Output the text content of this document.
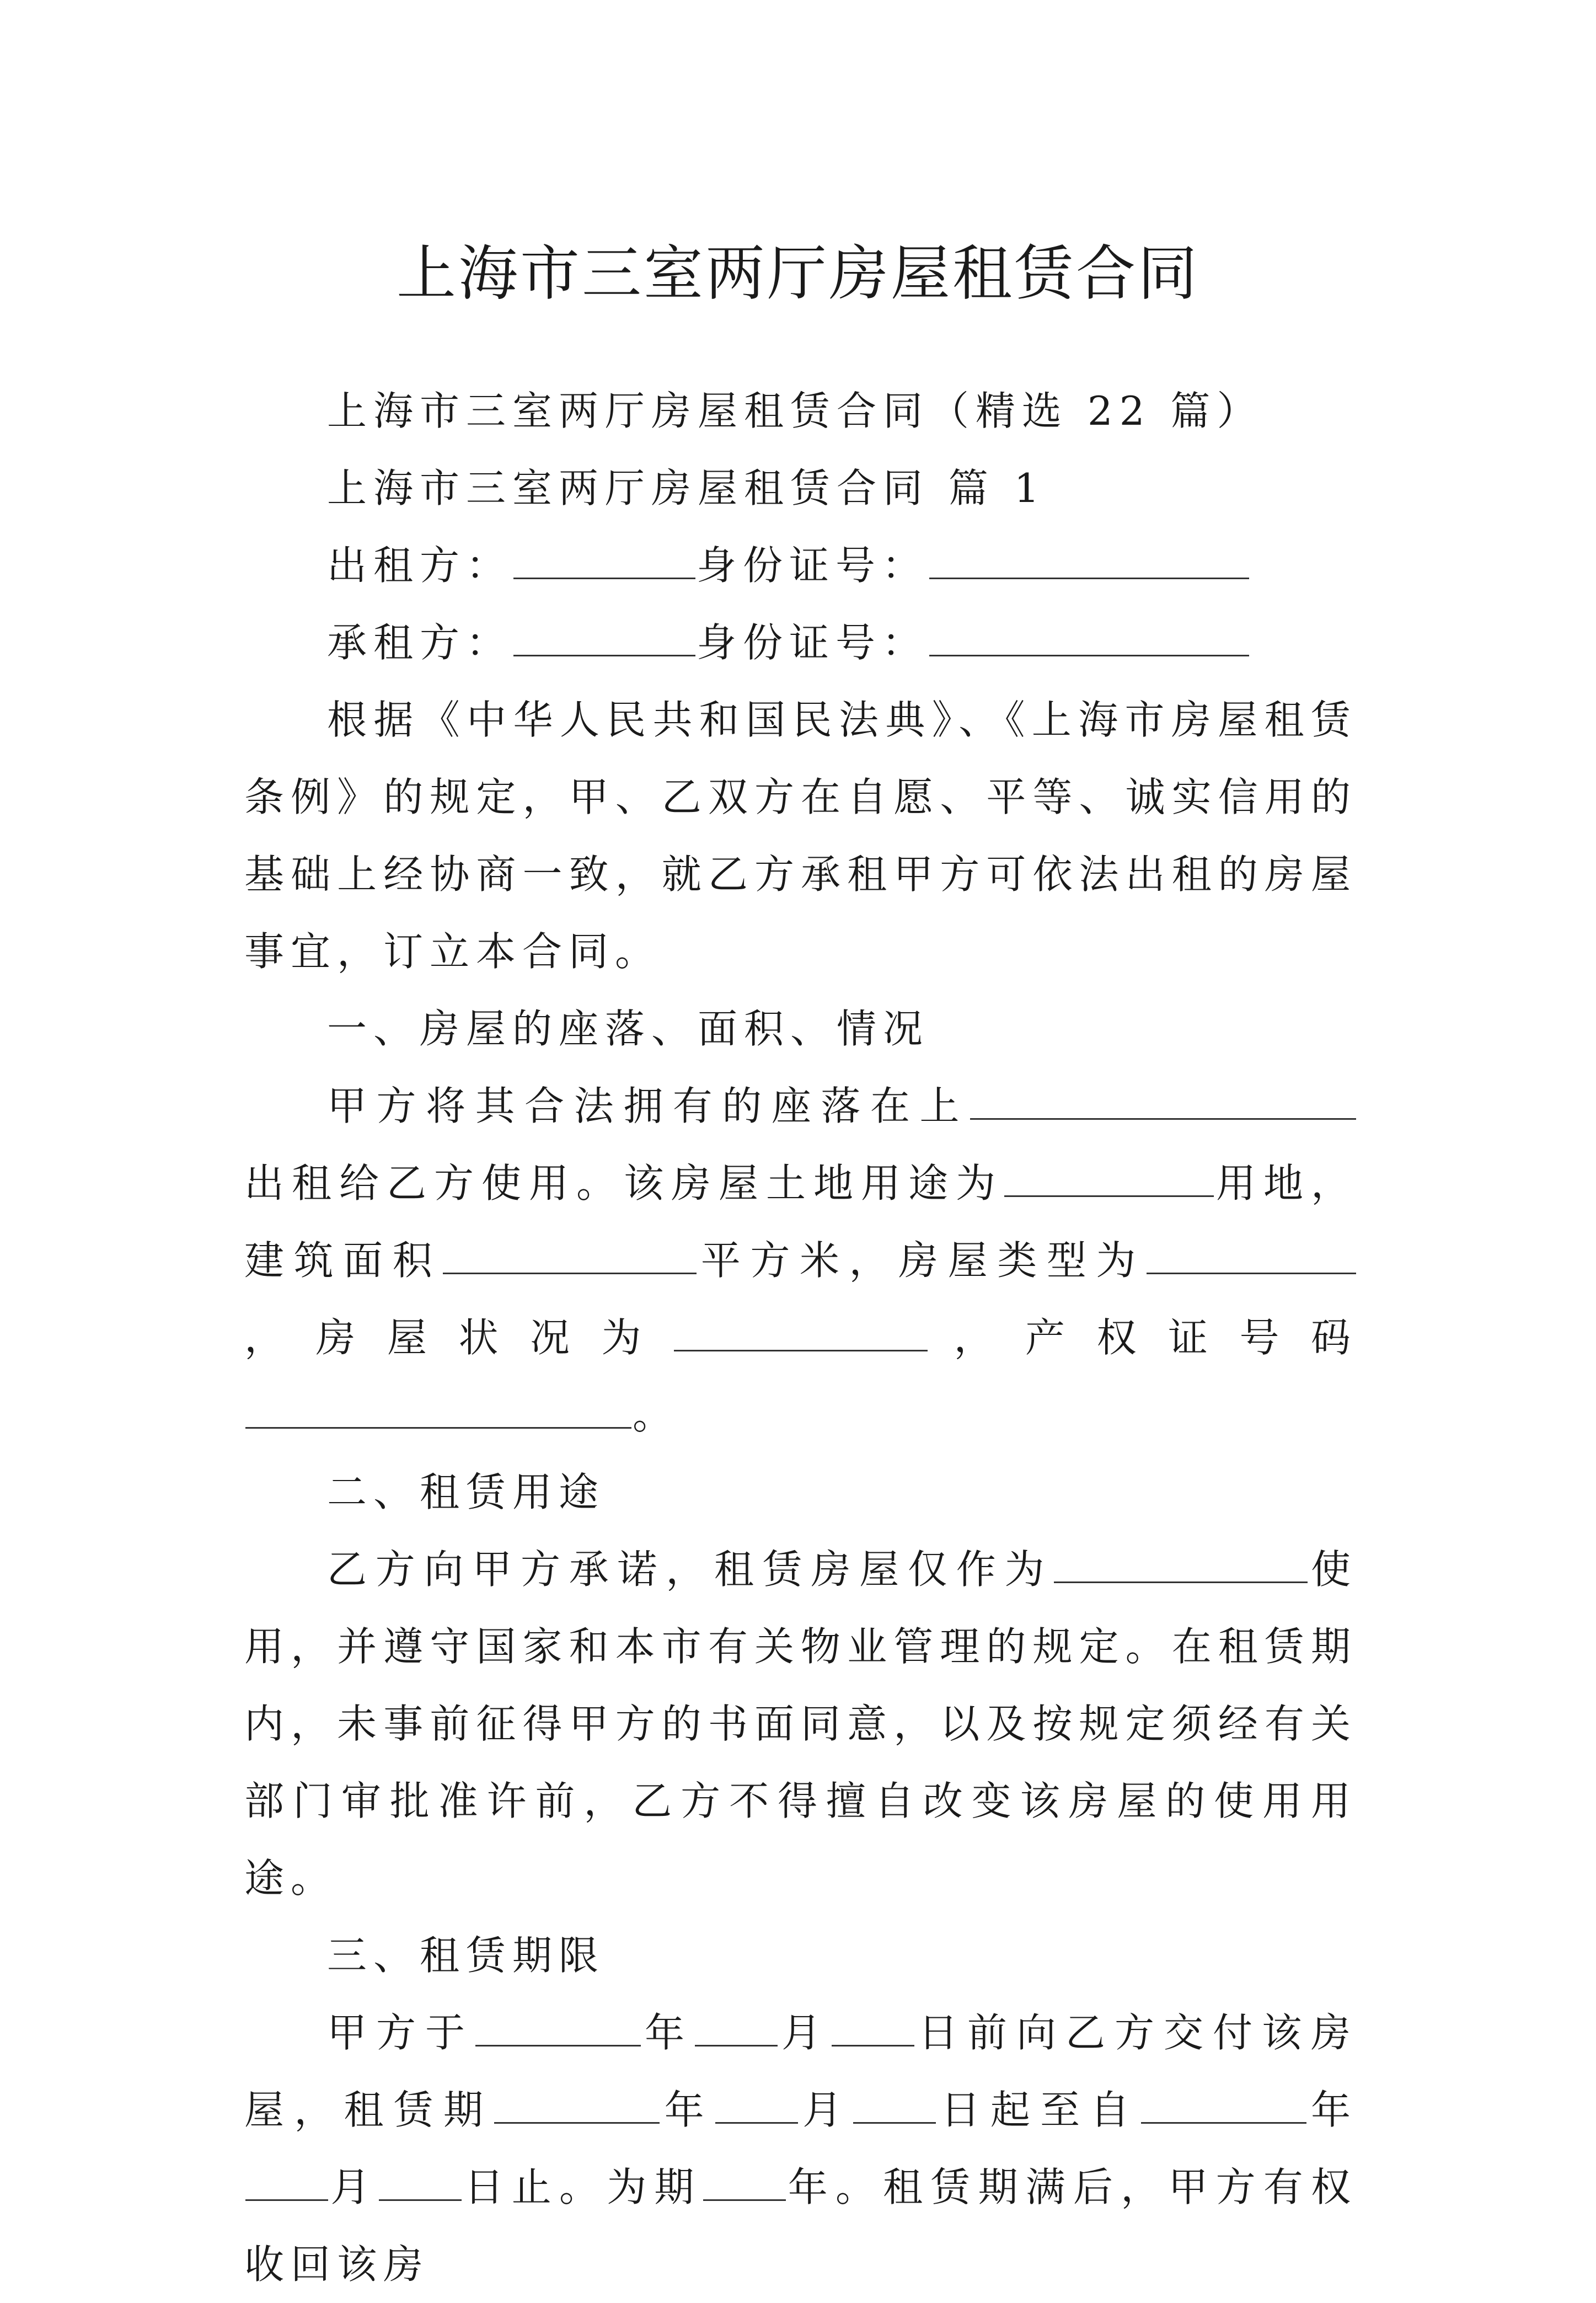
上海市三室两厅房屋租赁合同

上海市三室两厅房屋租赁合同（精选 22 篇）

上海市三室两厅房屋租赁合同 篇 1

出租方：	身份证号：

承租方：	身份证号：

根据《中华人民共和国民法典》、《上海市房屋租赁条例》的规定，甲、乙双方在自愿、平等、诚实信用的基础上经协商一致，就乙方承租甲方可依法出租的房屋事宜，订立本合同。

一、房屋的座落、面积、情况

甲方将其合法拥有的座落在上出租给乙方使用。该房屋土地用途为	用地，建筑面积	平方米，房屋类型为，房屋状况为	，产权证号码。

二、租赁用途

乙方向甲方承诺，租赁房屋仅作为	使用，并遵守国家和本市有关物业管理的规定。在租赁期内，未事前征得甲方的书面同意，以及按规定须经有关部门审批准许前，乙方不得擅自改变该房屋的使用用途。

三、租赁期限

甲方于	年 月 日前向乙方交付该房屋，租赁期	年 月 日起至自	年月 日止。为期 年。租赁期满后，甲方有权收回该房
